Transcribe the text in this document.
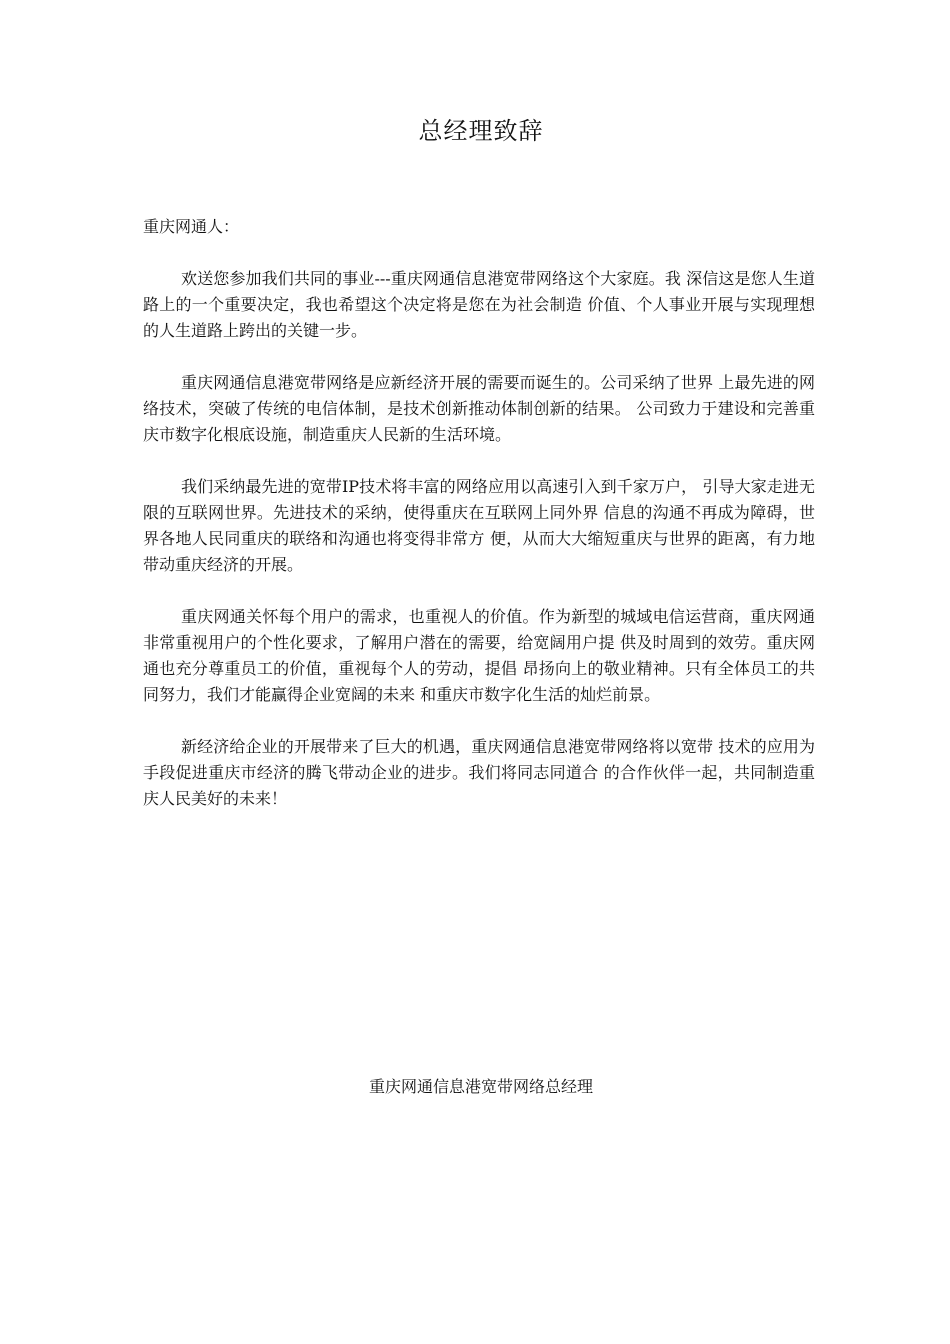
总经理致辞
重庆网通人：

欢送您参加我们共同的事业---重庆网通信息港宽带网络这个大家庭。我 深信这是您人生道路上的一个重要决定，我也希望这个决定将是您在为社会制造 价值、个人事业开展与实现理想的人生道路上跨出的关键一步。

重庆网通信息港宽带网络是应新经济开展的需要而诞生的。公司采纳了世界 上最先进的网络技术，突破了传统的电信体制，是技术创新推动体制创新的结果。 公司致力于建设和完善重庆市数字化根底设施，制造重庆人民新的生活环境。

我们采纳最先进的宽带IP技术将丰富的网络应用以高速引入到千家万户， 引导大家走进无限的互联网世界。先进技术的采纳，使得重庆在互联网上同外界 信息的沟通不再成为障碍，世界各地人民同重庆的联络和沟通也将变得非常方 便，从而大大缩短重庆与世界的距离，有力地带动重庆经济的开展。

重庆网通关怀每个用户的需求，也重视人的价值。作为新型的城域电信运营商，重庆网通非常重视用户的个性化要求，了解用户潜在的需要，给宽阔用户提 供及时周到的效劳。重庆网通也充分尊重员工的价值，重视每个人的劳动，提倡 昂扬向上的敬业精神。只有全体员工的共同努力，我们才能赢得企业宽阔的未来 和重庆市数字化生活的灿烂前景。

新经济给企业的开展带来了巨大的机遇，重庆网通信息港宽带网络将以宽带 技术的应用为手段促进重庆市经济的腾飞带动企业的进步。我们将同志同道合 的合作伙伴一起，共同制造重庆人民美好的未来！

重庆网通信息港宽带网络总经理
